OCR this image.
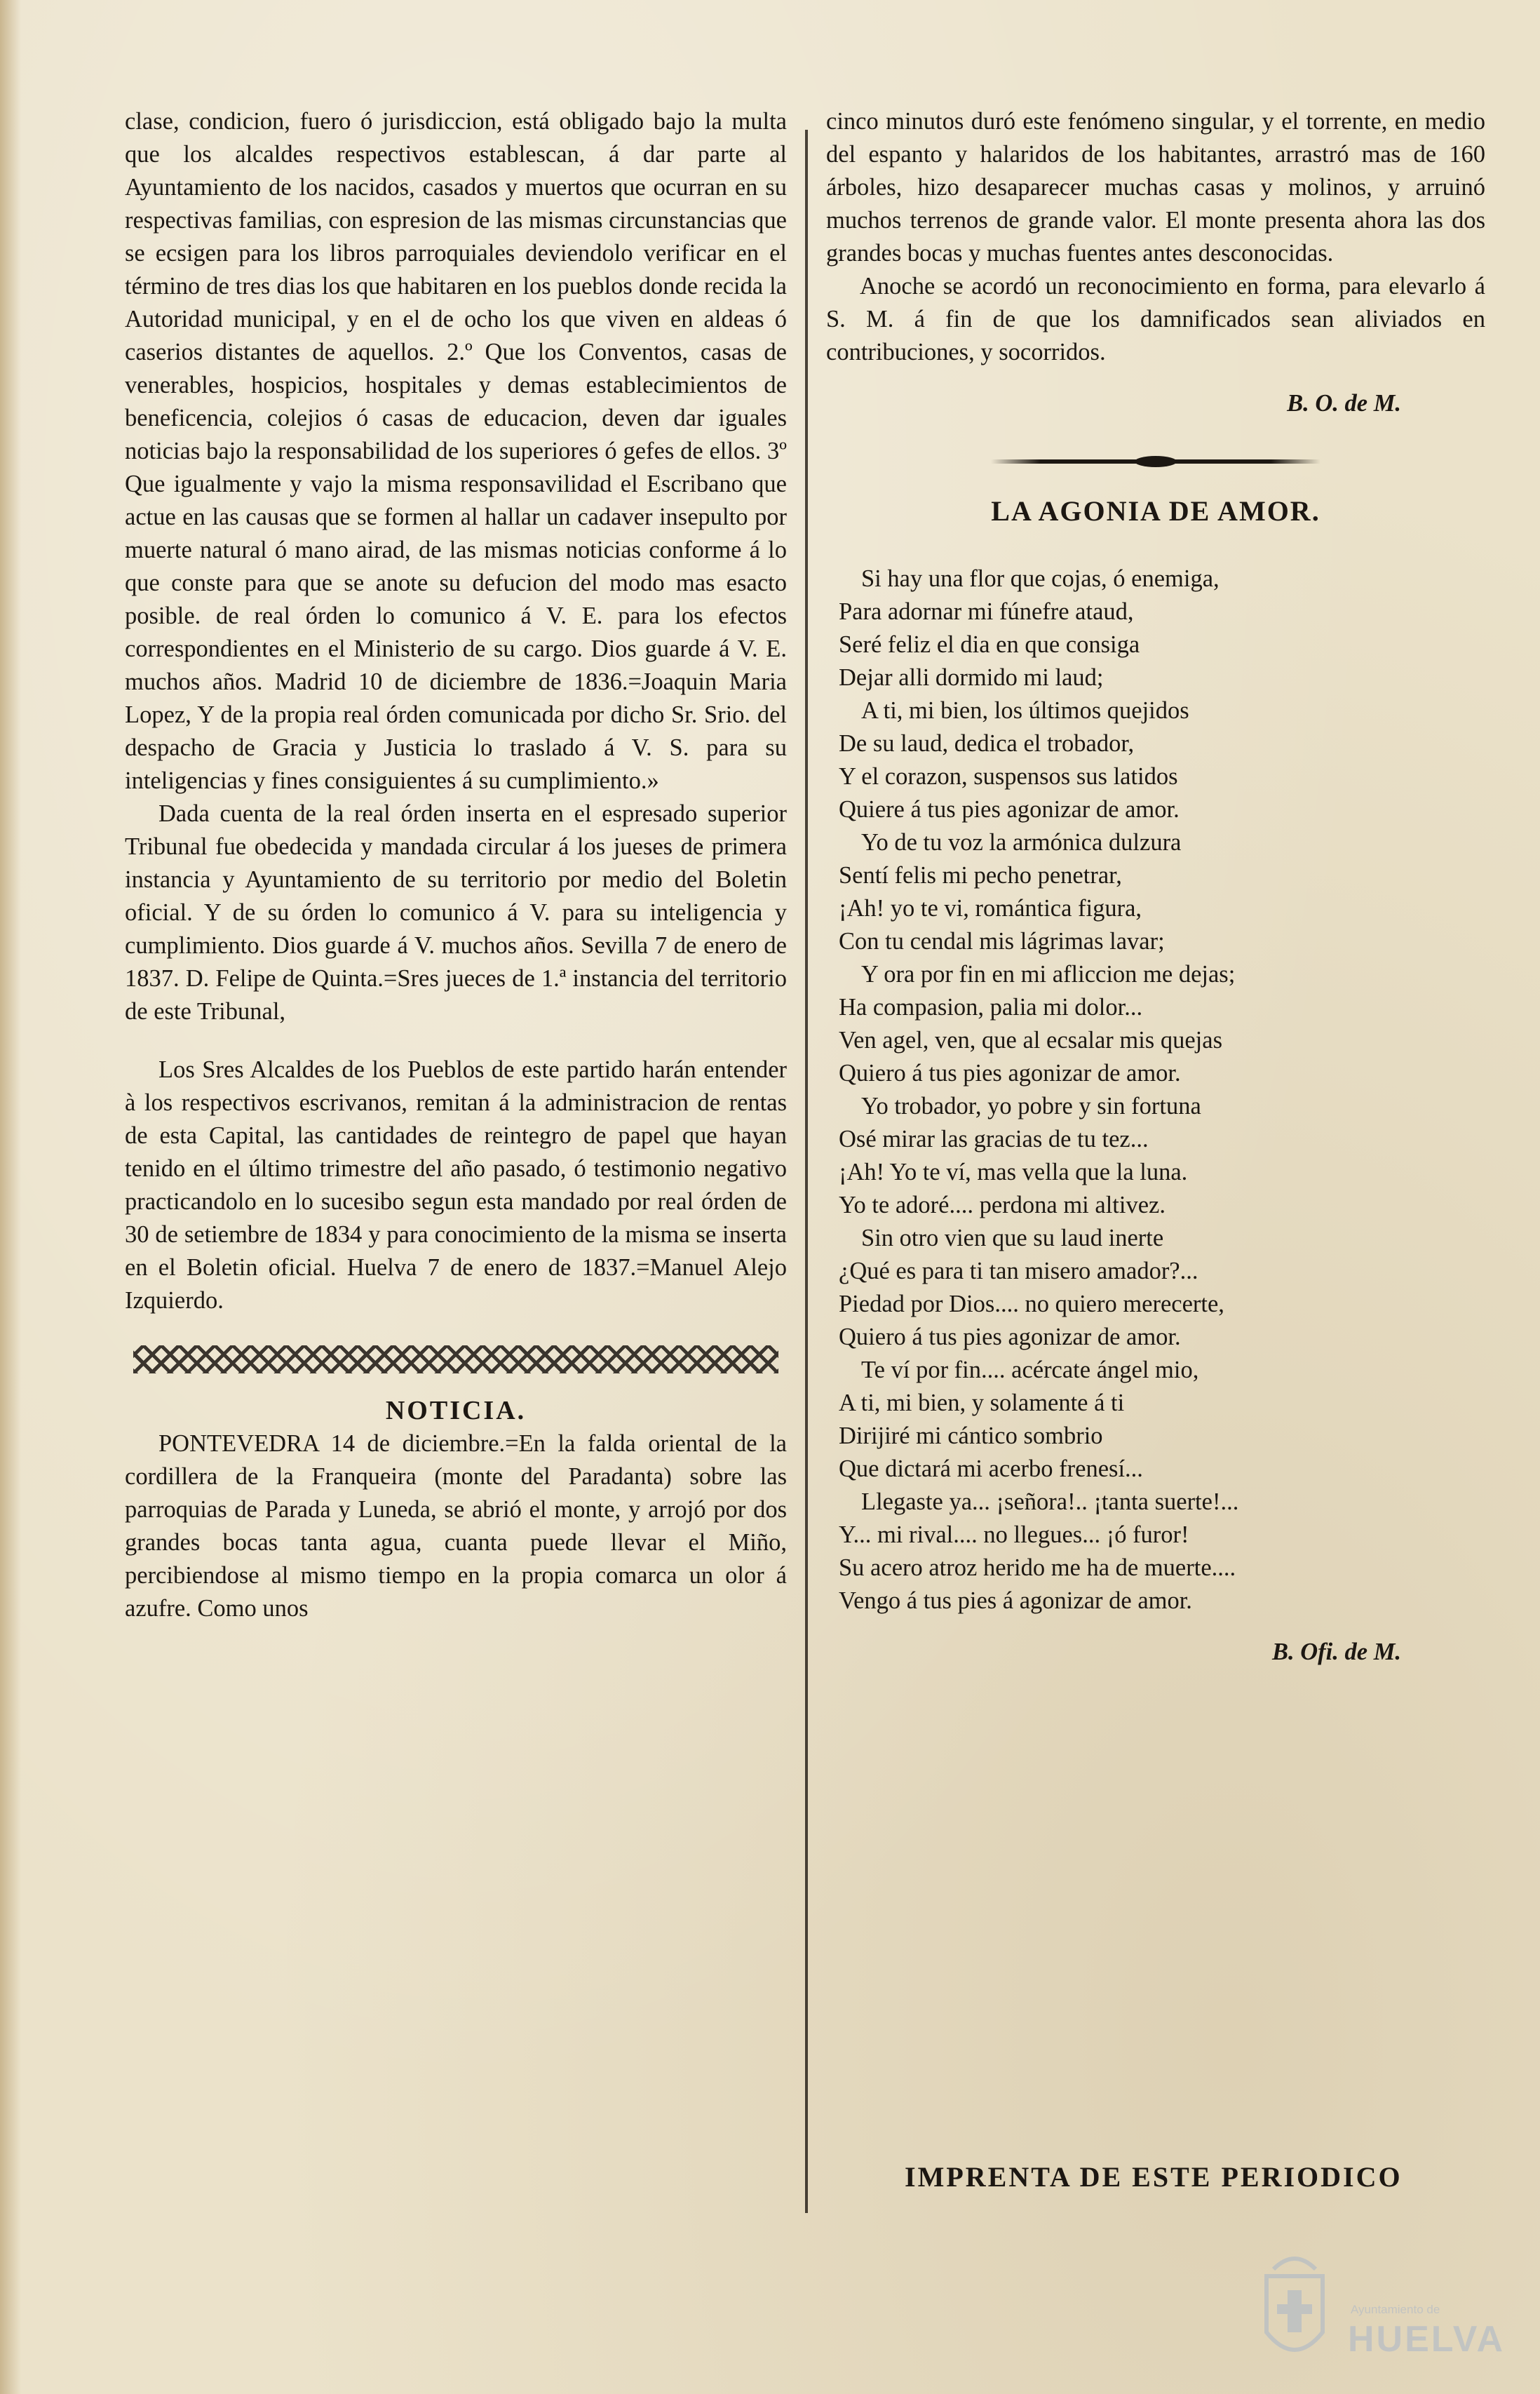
clase, condicion, fuero ó jurisdiccion, está obligado bajo la multa que los alcaldes respectivos establescan, á dar parte al Ayuntamiento de los nacidos, casados y muertos que ocurran en su respectivas familias, con espresion de las mismas circunstancias que se ecsigen para los libros parroquiales deviendolo verificar en el término de tres dias los que habitaren en los pueblos donde recida la Autoridad municipal, y en el de ocho los que viven en aldeas ó caserios distantes de aquellos. 2.º Que los Conventos, casas de venerables, hospicios, hospitales y demas establecimientos de beneficencia, colejios ó casas de educacion, deven dar iguales noticias bajo la responsabilidad de los superiores ó gefes de ellos. 3º Que igualmente y vajo la misma responsavilidad el Escribano que actue en las causas que se formen al hallar un cadaver insepulto por muerte natural ó mano airad, de las mismas noticias conforme á lo que conste para que se anote su defucion del modo mas esacto posible. de real órden lo comunico á V. E. para los efectos correspondientes en el Ministerio de su cargo. Dios guarde á V. E. muchos años. Madrid 10 de diciembre de 1836.=Joaquin Maria Lopez, Y de la propia real órden comunicada por dicho Sr. Srio. del despacho de Gracia y Justicia lo traslado á V. S. para su inteligencias y fines consiguientes á su cumplimiento.»

Dada cuenta de la real órden inserta en el espresado superior Tribunal fue obedecida y mandada circular á los jueses de primera instancia y Ayuntamiento de su territorio por medio del Boletin oficial. Y de su órden lo comunico á V. para su inteligencia y cumplimiento. Dios guarde á V. muchos años. Sevilla 7 de enero de 1837. D. Felipe de Quinta.=Sres jueces de 1.ª instancia del territorio de este Tribunal,

Los Sres Alcaldes de los Pueblos de este partido harán entender à los respectivos escrivanos, remitan á la administracion de rentas de esta Capital, las cantidades de reintegro de papel que hayan tenido en el último trimestre del año pasado, ó testimonio negativo practicandolo en lo sucesibo segun esta mandado por real órden de 30 de setiembre de 1834 y para conocimiento de la misma se inserta en el Boletin oficial. Huelva 7 de enero de 1837.=Manuel Alejo Izquierdo.

NOTICIA.

PONTEVEDRA 14 de diciembre.=En la falda oriental de la cordillera de la Franqueira (monte del Paradanta) sobre las parroquias de Parada y Luneda, se abrió el monte, y arrojó por dos grandes bocas tanta agua, cuanta puede llevar el Miño, percibiendose al mismo tiempo en la propia comarca un olor á azufre. Como unos

cinco minutos duró este fenómeno singular, y el torrente, en medio del espanto y halaridos de los habitantes, arrastró mas de 160 árboles, hizo desaparecer muchas casas y molinos, y arruinó muchos terrenos de grande valor. El monte presenta ahora las dos grandes bocas y muchas fuentes antes desconocidas.

Anoche se acordó un reconocimiento en forma, para elevarlo á S. M. á fin de que los damnificados sean aliviados en contribuciones, y socorridos.

B. O. de M.
LA AGONIA DE AMOR.
Si hay una flor que cojas, ó enemiga,
Para adornar mi fúnefre ataud,
Seré feliz el dia en que consiga
Dejar alli dormido mi laud;
A ti, mi bien, los últimos quejidos
De su laud, dedica el trobador,
Y el corazon, suspensos sus latidos
Quiere á tus pies agonizar de amor.
Yo de tu voz la armónica dulzura
Sentí felis mi pecho penetrar,
¡Ah! yo te vi, romántica figura,
Con tu cendal mis lágrimas lavar;
Y ora por fin en mi afliccion me dejas;
Ha compasion, palia mi dolor...
Ven agel, ven, que al ecsalar mis quejas
Quiero á tus pies agonizar de amor.
Yo trobador, yo pobre y sin fortuna
Osé mirar las gracias de tu tez...
¡Ah! Yo te ví, mas vella que la luna.
Yo te adoré.... perdona mi altivez.
Sin otro vien que su laud inerte
¿Qué es para ti tan misero amador?...
Piedad por Dios.... no quiero merecerte,
Quiero á tus pies agonizar de amor.
Te ví por fin.... acércate ángel mio,
A ti, mi bien, y solamente á ti
Dirijiré mi cántico sombrio
Que dictará mi acerbo frenesí...
Llegaste ya... ¡señora!.. ¡tanta suerte!...
Y... mi rival.... no llegues... ¡ó furor!
Su acero atroz herido me ha de muerte....
Vengo á tus pies á agonizar de amor.
B. Ofi. de M.
IMPRENTA DE ESTE PERIODICO
Ayuntamiento de
HUELVA
